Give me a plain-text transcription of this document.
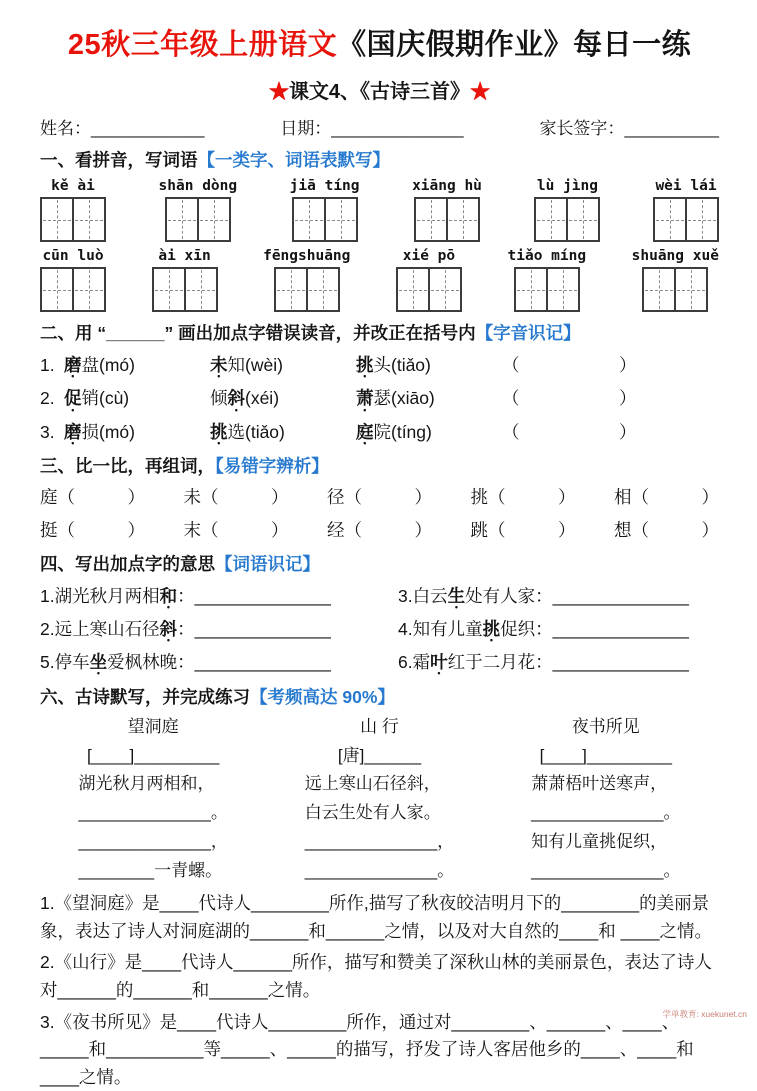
25秋三年级上册语文《国庆假期作业》每日一练
★课文4、《古诗三首》★
姓名：____________	日期：______________	家长签字：__________
一、看拼音，写词语【一类字、词语表默写】
kě ài	shān dòng	jiā tíng	xiāng hù	lù jìng	wèi lái
cūn luò	ài xīn	fēngshuāng	xié pō	tiǎo míng	shuāng xuě
二、用 “______” 画出加点字错误读音，并改正在括号内【字音识记】
1. 磨盘(mó)	未知(wèi)	挑头(tiǎo)	（　　　　　）
2. 促销(cù)	倾斜(xéi)	萧瑟(xiāo)	（　　　　　）
3. 磨损(mó)	挑选(tiǎo)	庭院(tíng)	（　　　　　）
三、比一比，再组词，【易错字辨析】
庭（　　　） 未（　　　） 径（　　　） 挑（　　　） 相（　　　）
挺（　　　） 末（　　　） 经（　　　） 跳（　　　） 想（　　　）
四、写出加点字的意思【词语识记】
1.湖光秋月两相和：______________	3.白云生处有人家：______________
2.远上寒山石径斜：______________	4.知有儿童挑促织：______________
5.停车坐爱枫林晚：______________	6.霜叶红于二月花：______________
六、古诗默写，并完成练习【考频高达 90%】
望洞庭
[____]_________
湖光秋月两相和，
______________。
______________，
________一青螺。
山 行
[唐]______
远上寒山石径斜，
白云生处有人家。
______________，
______________。
夜书所见
[____]_________
萧萧梧叶送寒声，
______________。
知有儿童挑促织，
______________。

1.《望洞庭》是____代诗人________所作,描写了秋夜皎洁明月下的________的美丽景象，表达了诗人对洞庭湖的______和______之情，以及对大自然的____和 ____之情。

2.《山行》是____代诗人______所作，描写和赞美了深秋山林的美丽景色，表达了诗人对______的______和______之情。

3.《夜书所见》是____代诗人________所作，通过对________、______、____、_____和__________等_____、_____的描写，抒发了诗人客居他乡的____、____和____之情。

学单教育: xuekunet.cn
